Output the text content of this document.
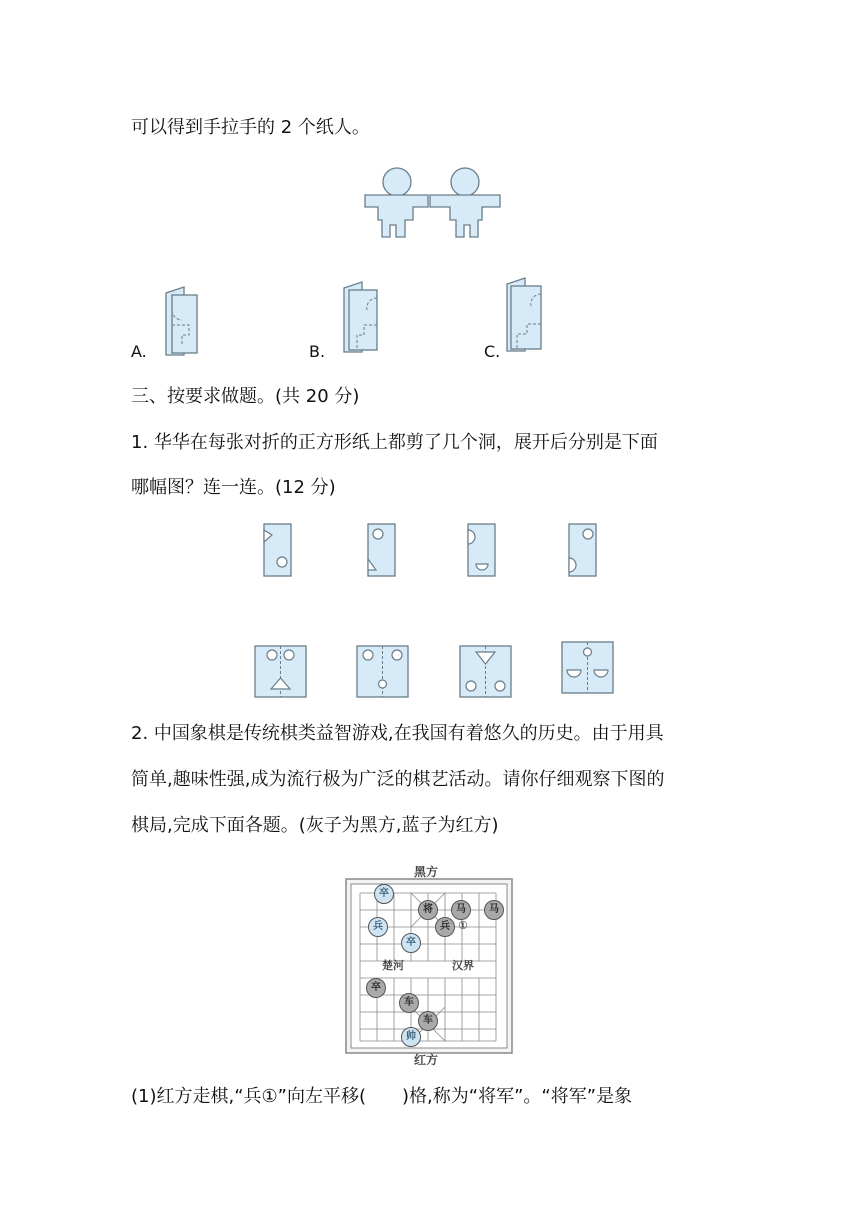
可以得到手拉手的 2 个纸人。
A.	B.	C.
三、按要求做题。(共 20 分)
1. 华华在每张对折的正方形纸上都剪了几个洞，展开后分别是下面
哪幅图？连一连。(12 分)
2. 中国象棋是传统棋类益智游戏,在我国有着悠久的历史。由于用具
简单,趣味性强,成为流行极为广泛的棋艺活动。请你仔细观察下图的
棋局,完成下面各题。(灰子为黑方,蓝子为红方)
黑方
楚河	汉界
卒
将	马	马
兵
兵
卒
卒
车
车
帅
①
红方
(1)红方走棋,“兵①”向左平移(　　)格,称为“将军”。“将军”是象
